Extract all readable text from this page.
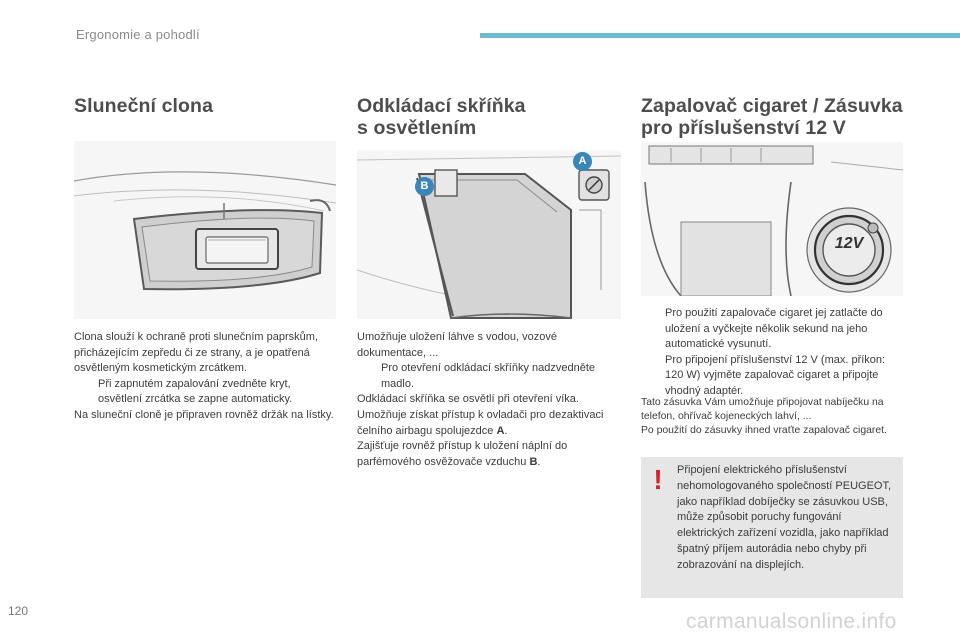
Ergonomie a pohodlí
Sluneční clona

Clona slouží k ochraně proti slunečním paprskům, přicházejícím zepředu či ze strany, a je opatřená osvětleným kosmetickým zrcátkem.

Při zapnutém zapalování zvedněte kryt, osvětlení zrcátka se zapne automaticky.

Na sluneční cloně je připraven rovněž držák na lístky.

Odkládací skříňka
s osvětlením
B
A

Umožňuje uložení láhve s vodou, vozové dokumentace, ...

Pro otevření odkládací skříňky nadzvedněte madlo.

Odkládací skříňka se osvětlí při otevření víka.

Umožňuje získat přístup k ovladači pro dezaktivaci čelního airbagu spolujezdce A.

Zajišťuje rovněž přístup k uložení náplní do parfémového osvěžovače vzduchu B.

Zapalovač cigaret / Zásuvka
pro příslušenství 12 V
12V
Pro použití zapalovače cigaret jej zatlačte do uložení a vyčkejte několik sekund na jeho automatické vysunutí.
Pro připojení příslušenství 12 V (max. příkon: 120 W) vyjměte zapalovač cigaret a připojte vhodný adaptér.

Tato zásuvka Vám umožňuje připojovat nabíječku na telefon, ohřívač kojeneckých lahví, ...

Po použití do zásuvky ihned vraťte zapalovač cigaret.

! Připojení elektrického příslušenství nehomologovaného společností PEUGEOT, jako například dobíječky se zásuvkou USB, může způsobit poruchy fungování elektrických zařízení vozidla, jako například špatný příjem autorádia nebo chyby při zobrazování na displejích.
120	carmanualsonline.info
